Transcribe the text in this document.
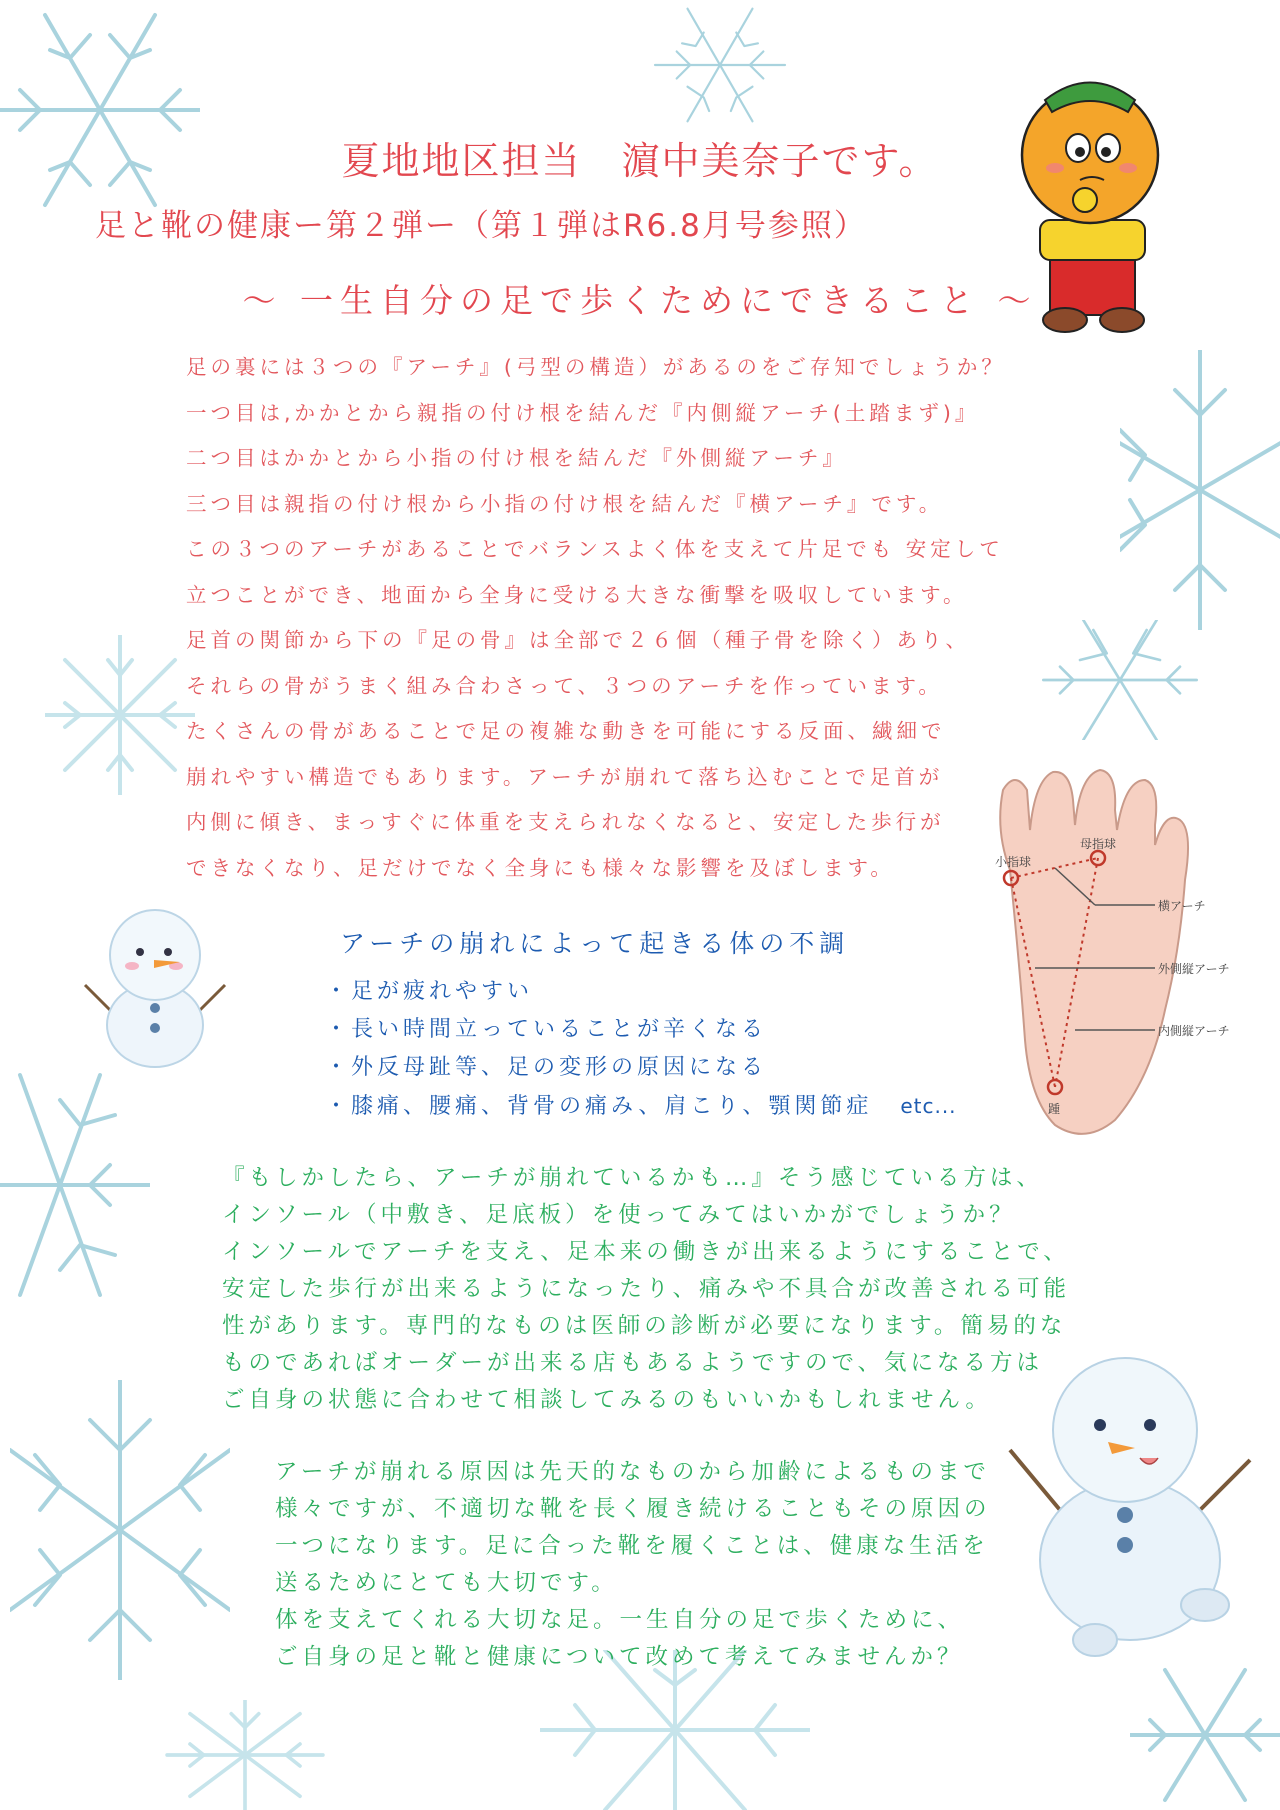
夏地地区担当 濵中美奈子です。
足と靴の健康ー第２弾ー（第１弾はR6.8月号参照）
～ 一生自分の足で歩くためにできること ～
足の裏には３つの『アーチ』(弓型の構造）があるのをご存知でしょうか？
一つ目は,かかとから親指の付け根を結んだ『内側縦アーチ(土踏まず)』
二つ目はかかとから小指の付け根を結んだ『外側縦アーチ』
三つ目は親指の付け根から小指の付け根を結んだ『横アーチ』です。
この３つのアーチがあることでバランスよく体を支えて片足でも 安定して
立つことができ、地面から全身に受ける大きな衝撃を吸収しています。
足首の関節から下の『足の骨』は全部で２６個（種子骨を除く）あり、
それらの骨がうまく組み合わさって、３つのアーチを作っています。
たくさんの骨があることで足の複雑な動きを可能にする反面、繊細で
崩れやすい構造でもあります。アーチが崩れて落ち込むことで足首が
内側に傾き、まっすぐに体重を支えられなくなると、安定した歩行が
できなくなり、足だけでなく全身にも様々な影響を及ぼします。	小指球
母指球
踵
横アーチ
外側縦アーチ
内側縦アーチ
アーチの崩れによって起きる体の不調
・足が疲れやすい
・長い時間立っていることが辛くなる
・外反母趾等、足の変形の原因になる
・膝痛、腰痛、背骨の痛み、肩こり、顎関節症 etc...
『もしかしたら、アーチが崩れているかも…』そう感じている方は、
インソール（中敷き、足底板）を使ってみてはいかがでしょうか？
インソールでアーチを支え、足本来の働きが出来るようにすることで、
安定した歩行が出来るようになったり、痛みや不具合が改善される可能
性があります。専門的なものは医師の診断が必要になります。簡易的な
ものであればオーダーが出来る店もあるようですので、気になる方は
ご自身の状態に合わせて相談してみるのもいいかもしれません。
アーチが崩れる原因は先天的なものから加齢によるものまで
様々ですが、不適切な靴を長く履き続けることもその原因の
一つになります。足に合った靴を履くことは、健康な生活を
送るためにとても大切です。
体を支えてくれる大切な足。一生自分の足で歩くために、
ご自身の足と靴と健康について改めて考えてみませんか？
